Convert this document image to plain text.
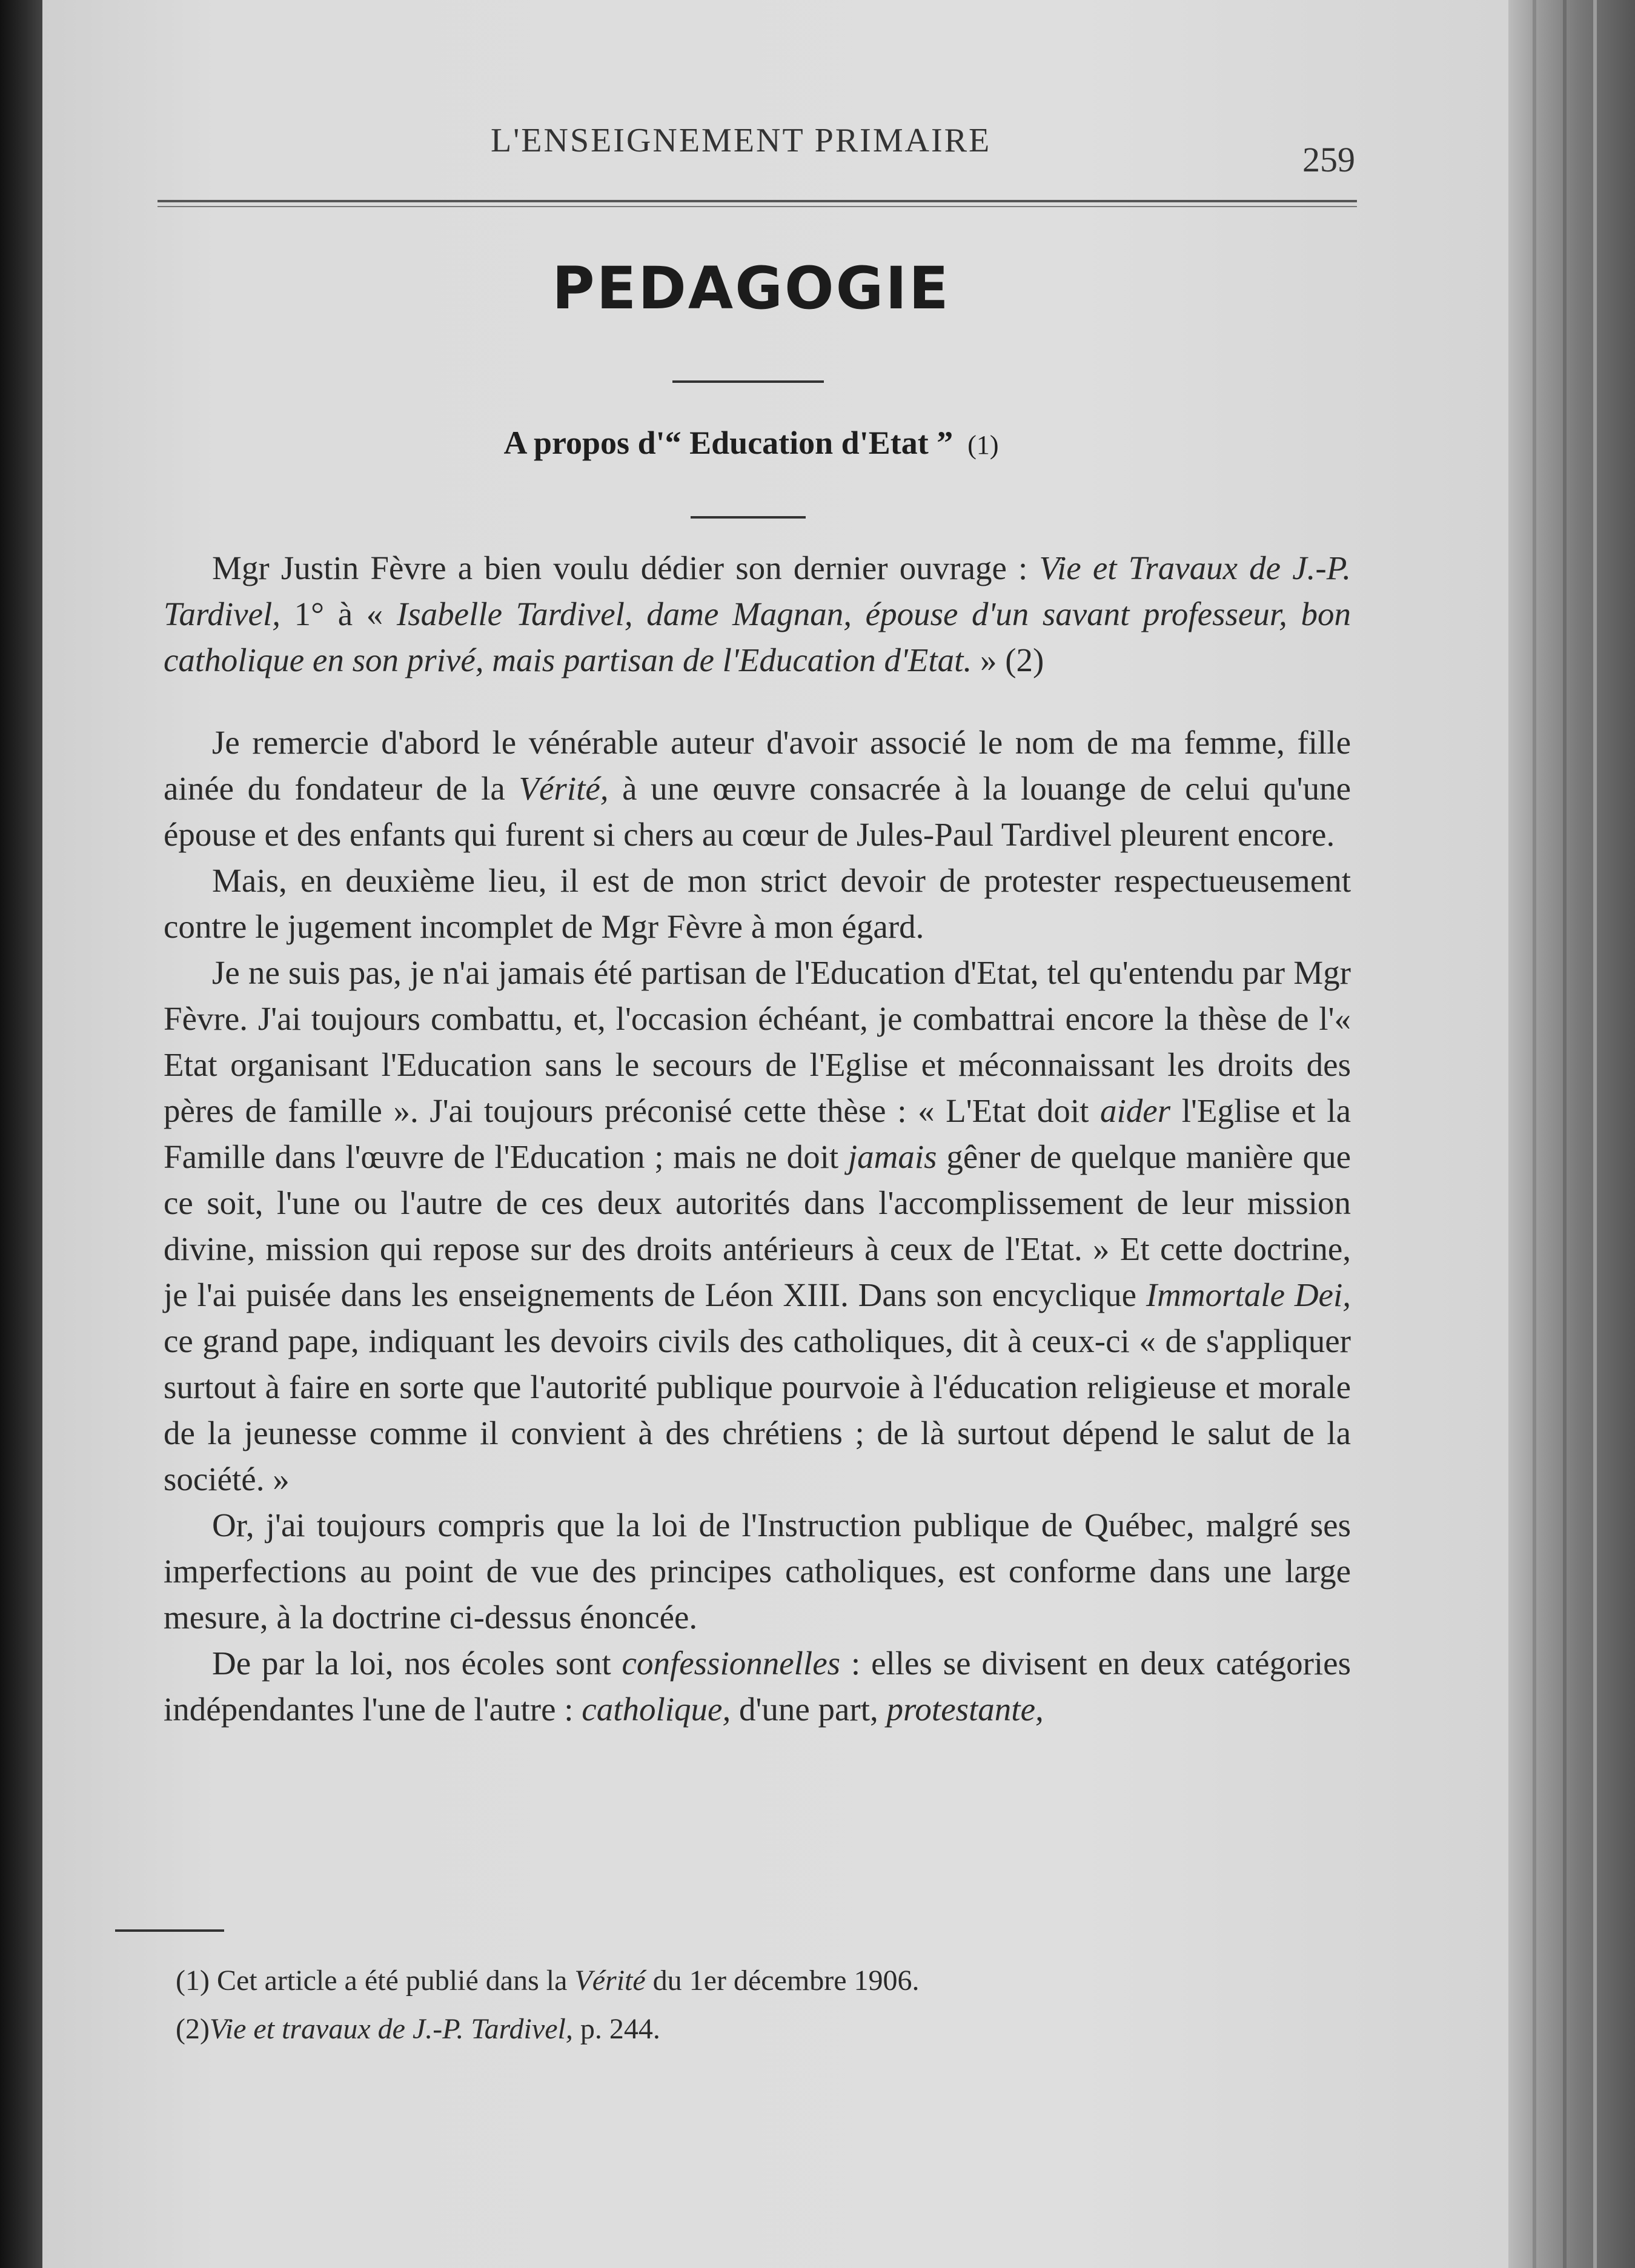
L'ENSEIGNEMENT PRIMAIRE	259
PEDAGOGIE
A propos d'“ Education d'Etat ” (1)

Mgr Justin Fèvre a bien voulu dédier son dernier ouvrage : Vie et Travaux de J.-P. Tardivel, 1° à « Isabelle Tardivel, dame Magnan, épouse d'un savant professeur, bon catholique en son privé, mais partisan de l'Education d'Etat. » (2)

Je remercie d'abord le vénérable auteur d'avoir associé le nom de ma femme, fille ainée du fondateur de la Vérité, à une œuvre consacrée à la louange de celui qu'une épouse et des enfants qui furent si chers au cœur de Jules-Paul Tardivel pleurent encore.

Mais, en deuxième lieu, il est de mon strict devoir de protester respectueusement contre le jugement incomplet de Mgr Fèvre à mon égard.

Je ne suis pas, je n'ai jamais été partisan de l'Education d'Etat, tel qu'entendu par Mgr Fèvre. J'ai toujours combattu, et, l'occasion échéant, je combattrai encore la thèse de l'« Etat organisant l'Education sans le secours de l'Eglise et méconnaissant les droits des pères de famille ». J'ai toujours préconisé cette thèse : « L'Etat doit aider l'Eglise et la Famille dans l'œuvre de l'Education ; mais ne doit jamais gêner de quelque manière que ce soit, l'une ou l'autre de ces deux autorités dans l'accomplissement de leur mission divine, mission qui repose sur des droits antérieurs à ceux de l'Etat. » Et cette doctrine, je l'ai puisée dans les enseignements de Léon XIII. Dans son encyclique Immortale Dei, ce grand pape, indiquant les devoirs civils des catholiques, dit à ceux-ci « de s'appliquer surtout à faire en sorte que l'autorité publique pourvoie à l'éducation religieuse et morale de la jeunesse comme il convient à des chrétiens ; de là surtout dépend le salut de la société. »

Or, j'ai toujours compris que la loi de l'Instruction publique de Québec, malgré ses imperfections au point de vue des principes catholiques, est conforme dans une large mesure, à la doctrine ci-dessus énoncée.

De par la loi, nos écoles sont confessionnelles : elles se divisent en deux catégories indépendantes l'une de l'autre : catholique, d'une part, protestante,

(1) Cet article a été publié dans la Vérité du 1er décembre 1906.
(2)Vie et travaux de J.-P. Tardivel, p. 244.
